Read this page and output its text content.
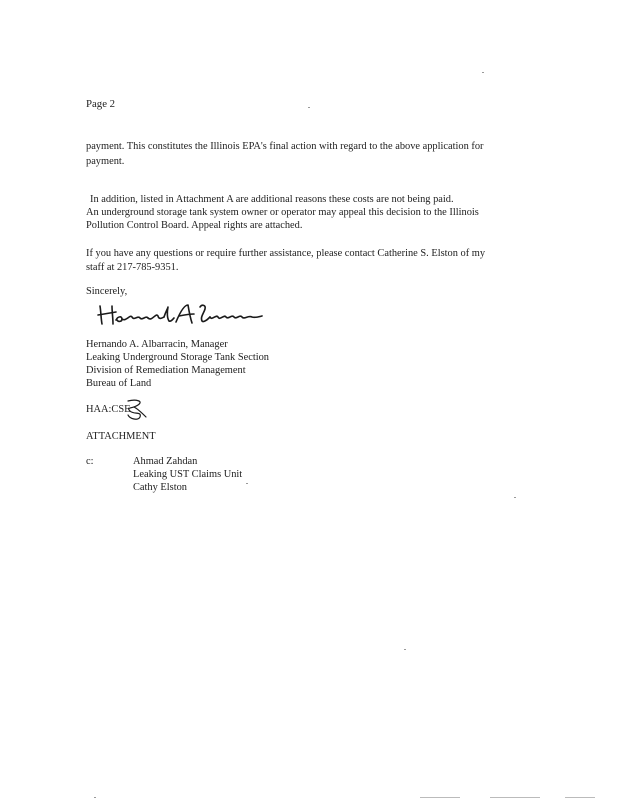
Page 2
payment. This constitutes the Illinois EPA's final action with regard to the above application for
payment.
In addition, listed in Attachment A are additional reasons these costs are not being paid.
An underground storage tank system owner or operator may appeal this decision to the Illinois
Pollution Control Board. Appeal rights are attached.
If you have any questions or require further assistance, please contact Catherine S. Elston of my
staff at 217-785-9351.
Sincerely,
Hernando A. Albarracin, Manager
Leaking Underground Storage Tank Section
Division of Remediation Management
Bureau of Land
HAA:CSE
ATTACHMENT
c:	Ahmad Zahdan
Leaking UST Claims Unit
Cathy Elston
